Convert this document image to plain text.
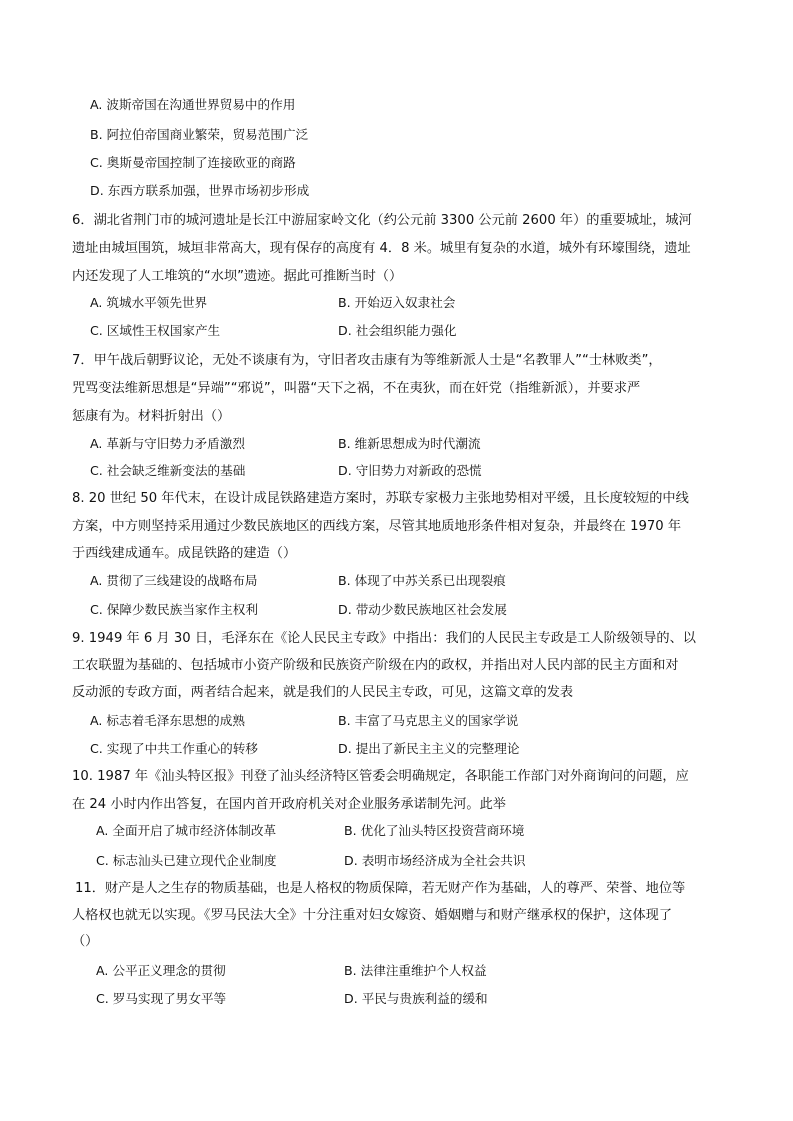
A. 波斯帝国在沟通世界贸易中的作用
B. 阿拉伯帝国商业繁荣，贸易范围广泛
C. 奥斯曼帝国控制了连接欧亚的商路
D. 东西方联系加强，世界市场初步形成
6．湖北省荆门市的城河遗址是长江中游屈家岭文化（约公元前 3300 公元前 2600 年）的重要城址，城河
遗址由城垣围筑，城垣非常高大，现有保存的高度有 4．8 米。城里有复杂的水道，城外有环壕围绕，遗址
内还发现了人工堆筑的“水坝”遗迹。据此可推断当时（）
A. 筑城水平领先世界	B. 开始迈入奴隶社会
C. 区域性王权国家产生	D. 社会组织能力强化
7．甲午战后朝野议论，无处不谈康有为，守旧者攻击康有为等维新派人士是“名教罪人”“士林败类”，
咒骂变法维新思想是“异端”“邪说”，叫嚣“天下之祸，不在夷狄，而在奸党（指维新派），并要求严
惩康有为。材料折射出（）
A. 革新与守旧势力矛盾激烈	B. 维新思想成为时代潮流
C. 社会缺乏维新变法的基础	D. 守旧势力对新政的恐慌
8. 20 世纪 50 年代末，在设计成昆铁路建造方案时，苏联专家极力主张地势相对平缓，且长度较短的中线
方案，中方则坚持采用通过少数民族地区的西线方案，尽管其地质地形条件相对复杂，并最终在 1970 年
于西线建成通车。成昆铁路的建造（）
A. 贯彻了三线建设的战略布局	B. 体现了中苏关系已出现裂痕
C. 保障少数民族当家作主权利	D. 带动少数民族地区社会发展
9. 1949 年 6 月 30 日，毛泽东在《论人民民主专政》中指出：我们的人民民主专政是工人阶级领导的、以
工农联盟为基础的、包括城市小资产阶级和民族资产阶级在内的政权，并指出对人民内部的民主方面和对
反动派的专政方面，两者结合起来，就是我们的人民民主专政，可见，这篇文章的发表
A. 标志着毛泽东思想的成熟	B. 丰富了马克思主义的国家学说
C. 实现了中共工作重心的转移	D. 提出了新民主主义的完整理论
10. 1987 年《汕头特区报》刊登了汕头经济特区管委会明确规定，各职能工作部门对外商询问的问题，应
在 24 小时内作出答复，在国内首开政府机关对企业服务承诺制先河。此举
A. 全面开启了城市经济体制改革	B. 优化了汕头特区投资营商环境
C. 标志汕头已建立现代企业制度	D. 表明市场经济成为全社会共识
11．财产是人之生存的物质基础，也是人格权的物质保障，若无财产作为基础，人的尊严、荣誉、地位等
人格权也就无以实现。《罗马民法大全》十分注重对妇女嫁资、婚姻赠与和财产继承权的保护，这体现了
（）
A. 公平正义理念的贯彻	B. 法律注重维护个人权益
C. 罗马实现了男女平等	D. 平民与贵族利益的缓和
